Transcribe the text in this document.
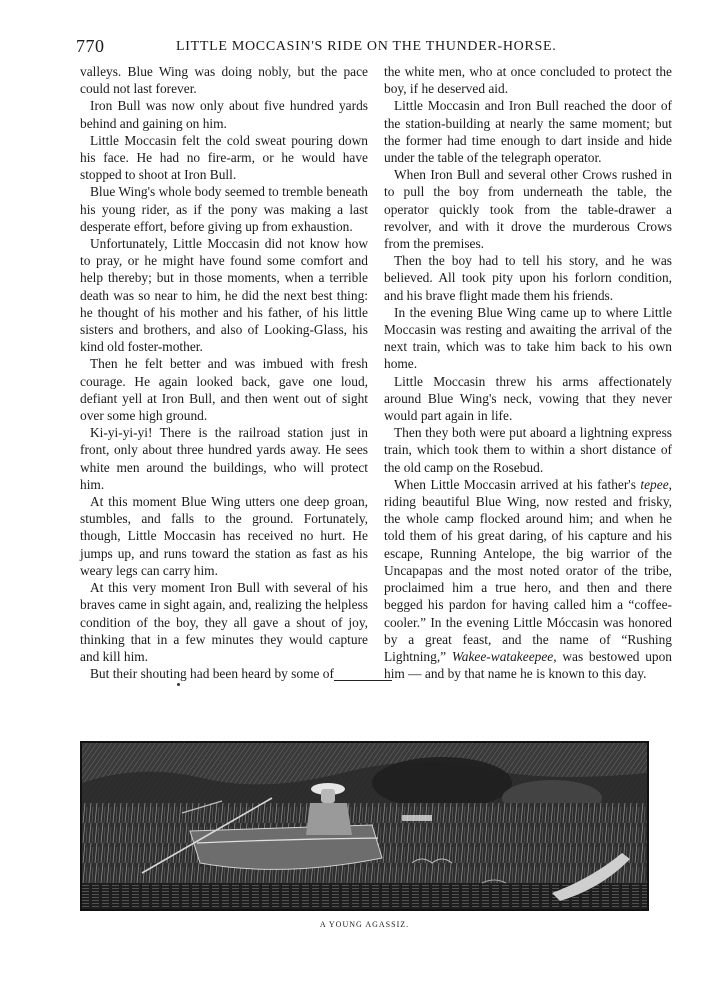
770	LITTLE MOCCASIN'S RIDE ON THE THUNDER-HORSE.

valleys. Blue Wing was doing nobly, but the pace could not last forever.

Iron Bull was now only about five hundred yards behind and gaining on him.

Little Moccasin felt the cold sweat pouring down his face. He had no fire-arm, or he would have stopped to shoot at Iron Bull.

Blue Wing's whole body seemed to tremble beneath his young rider, as if the pony was making a last desperate effort, before giving up from exhaustion.

Unfortunately, Little Moccasin did not know how to pray, or he might have found some comfort and help thereby; but in those moments, when a terrible death was so near to him, he did the next best thing: he thought of his mother and his father, of his little sisters and brothers, and also of Looking-Glass, his kind old foster-mother.

Then he felt better and was imbued with fresh courage. He again looked back, gave one loud, defiant yell at Iron Bull, and then went out of sight over some high ground.

Ki-yi-yi-yi! There is the railroad station just in front, only about three hundred yards away. He sees white men around the buildings, who will protect him.

At this moment Blue Wing utters one deep groan, stumbles, and falls to the ground. Fortunately, though, Little Moccasin has received no hurt. He jumps up, and runs toward the station as fast as his weary legs can carry him.

At this very moment Iron Bull with several of his braves came in sight again, and, realizing the helpless condition of the boy, they all gave a shout of joy, thinking that in a few minutes they would capture and kill him.

But their shouting had been heard by some of

the white men, who at once concluded to protect the boy, if he deserved aid.

Little Moccasin and Iron Bull reached the door of the station-building at nearly the same moment; but the former had time enough to dart inside and hide under the table of the telegraph operator.

When Iron Bull and several other Crows rushed in to pull the boy from underneath the table, the operator quickly took from the table-drawer a revolver, and with it drove the murderous Crows from the premises.

Then the boy had to tell his story, and he was believed. All took pity upon his forlorn condition, and his brave flight made them his friends.

In the evening Blue Wing came up to where Little Moccasin was resting and awaiting the arrival of the next train, which was to take him back to his own home.

Little Moccasin threw his arms affectionately around Blue Wing's neck, vowing that they never would part again in life.

Then they both were put aboard a lightning express train, which took them to within a short distance of the old camp on the Rosebud.

When Little Moccasin arrived at his father's tepee, riding beautiful Blue Wing, now rested and frisky, the whole camp flocked around him; and when he told them of his great daring, of his capture and his escape, Running Antelope, the big warrior of the Uncapapas and the most noted orator of the tribe, proclaimed him a true hero, and then and there begged his pardon for having called him a “coffee-cooler.” In the evening Little Móccasin was honored by a great feast, and the name of “Rushing Lightning,” Wakee-watakeepee, was bestowed upon him — and by that name he is known to this day.

A YOUNG AGASSIZ.
